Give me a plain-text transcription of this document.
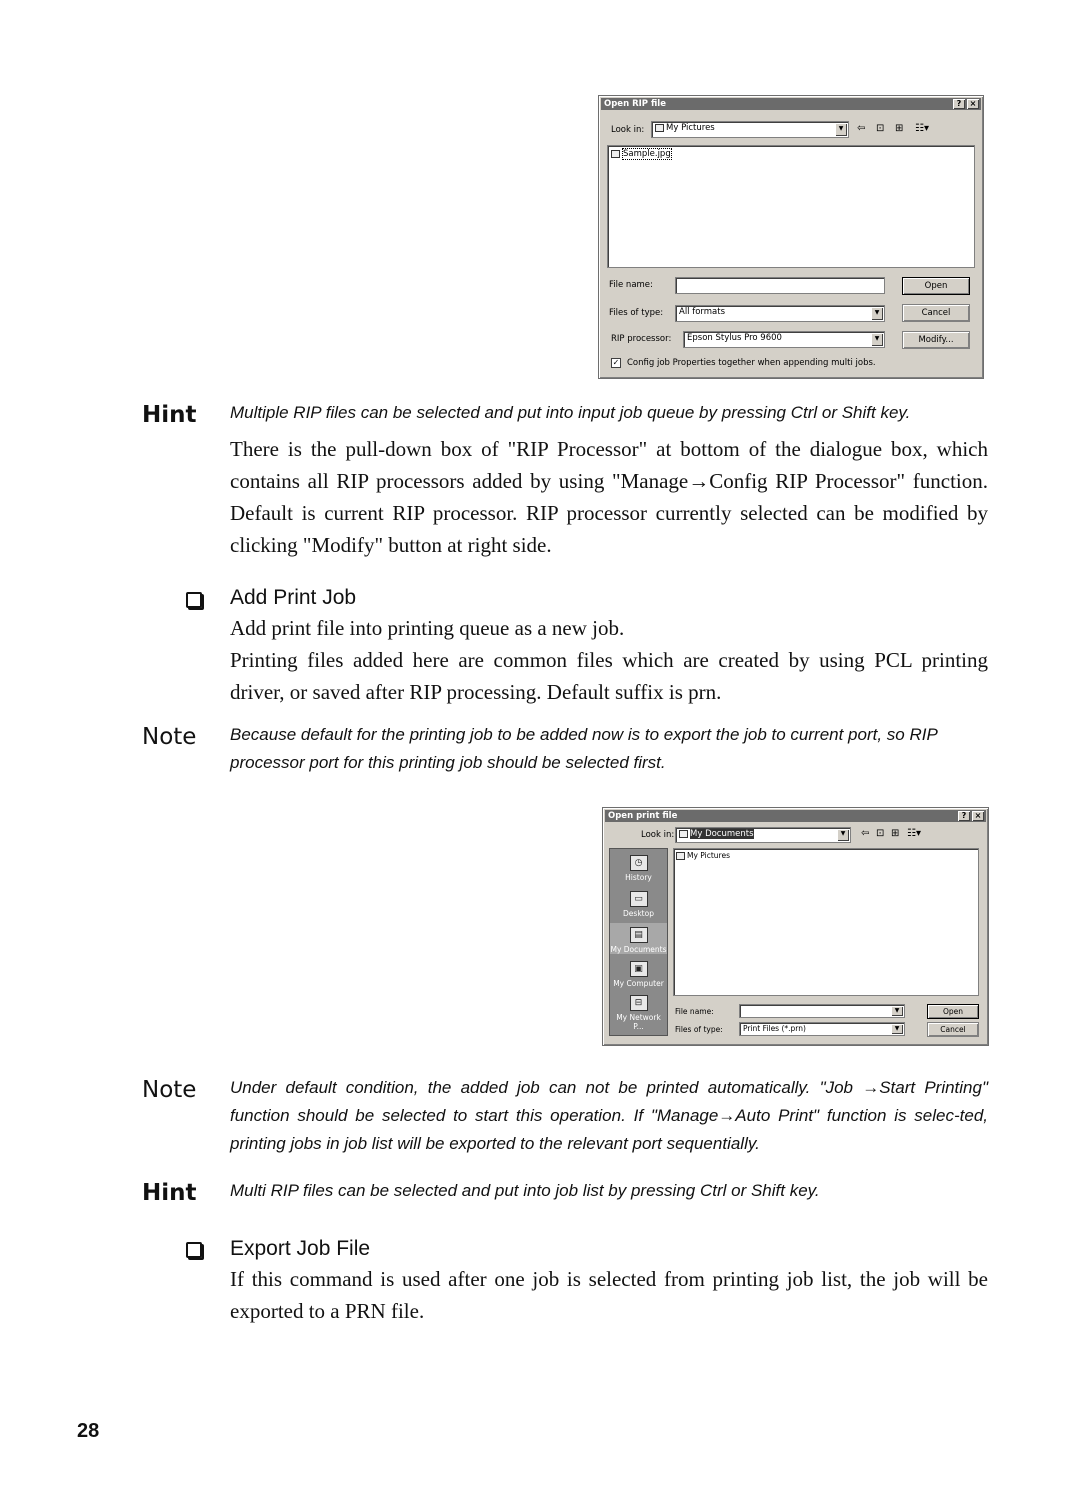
Open RIP file	?	×
Look in:	My Pictures	▼	⇦ ⊡ ⊞ ☷▾
Sample.jpg
File name:
Files of type:	All formats	▼
RIP processor:	Epson Stylus Pro 9600	▼
Open
Cancel
Modify...
✓ Config job Properties together when appending multi jobs.
Hint Multiple RIP files can be selected and put into input job queue by pressing Ctrl or Shift key.
There is the pull-down box of "RIP Processor" at bottom of the dialogue box, which contains all RIP processors added by using "Manage→Config RIP Processor" function. Default is current RIP processor. RIP processor currently selected can be modified by clicking "Modify" button at right side.
Add Print Job
Add print file into printing queue as a new job.
Printing files added here are common files which are created by using PCL printing driver, or saved after RIP processing. Default suffix is prn.
Note Because default for the printing job to be added now is to export the job to current port, so RIP processor port for this printing job should be selected first.
Open print file	?	×
Look in:	My Documents	▼	⇦ ⊡ ⊞ ☷▾
◷
History
▭
Desktop
▤
My Documents
▣
My Computer
⊟
My Network P...
My Pictures
File name:	▼
Files of type:	Print Files (*.prn)	▼
Open
Cancel
Note Under default condition, the added job can not be printed automatically. "Job →Start Printing" function should be selected to start this operation. If "Manage→Auto Print" function is selec-ted, printing jobs in job list will be exported to the relevant port sequentially.
Hint Multi RIP files can be selected and put into job list by pressing Ctrl or Shift key.
Export Job File
If this command is used after one job is selected from printing job list, the job will be exported to a PRN file.
28
